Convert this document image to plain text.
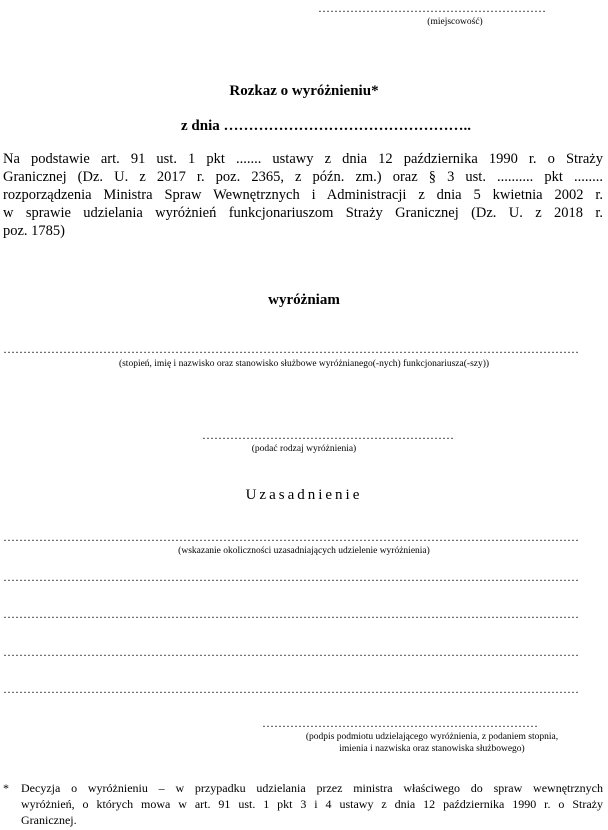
…………………………………………………
(miejscowość)
Rozkaz o wyróżnieniu*
z dnia …………………………………………..
Na podstawie art. 91 ust. 1 pkt ....... ustawy z dnia 12 października 1990 r. o Straży
Granicznej (Dz. U. z 2017 r. poz. 2365, z późn. zm.) oraz § 3 ust. .......... pkt ........
rozporządzenia Ministra Spraw Wewnętrznych i Administracji z dnia 5 kwietnia 2002 r.
w sprawie udzielania wyróżnień funkcjonariuszom Straży Granicznej (Dz. U. z 2018 r.
poz. 1785)
wyróżniam
………………………………………………………………………………………………………………………………
(stopień, imię i nazwisko oraz stanowisko służbowe wyróżnianego(-nych) funkcjonariusza(-szy))
………………………………………………………
(podać rodzaj wyróżnienia)
Uzasadnienie
………………………………………………………………………………………………………………………………
(wskazanie okoliczności uzasadniających udzielenie wyróżnienia)
………………………………………………………………………………………………………………………………
………………………………………………………………………………………………………………………………
………………………………………………………………………………………………………………………………
………………………………………………………………………………………………………………………………
……………………………………………………………
(podpis podmiotu udzielającego wyróżnienia, z podaniem stopnia,
imienia i nazwiska oraz stanowiska służbowego)
* Decyzja o wyróżnieniu – w przypadku udzielania przez ministra właściwego do spraw wewnętrznych
wyróżnień, o których mowa w art. 91 ust. 1 pkt 3 i 4 ustawy z dnia 12 października 1990 r. o Straży
Granicznej.
